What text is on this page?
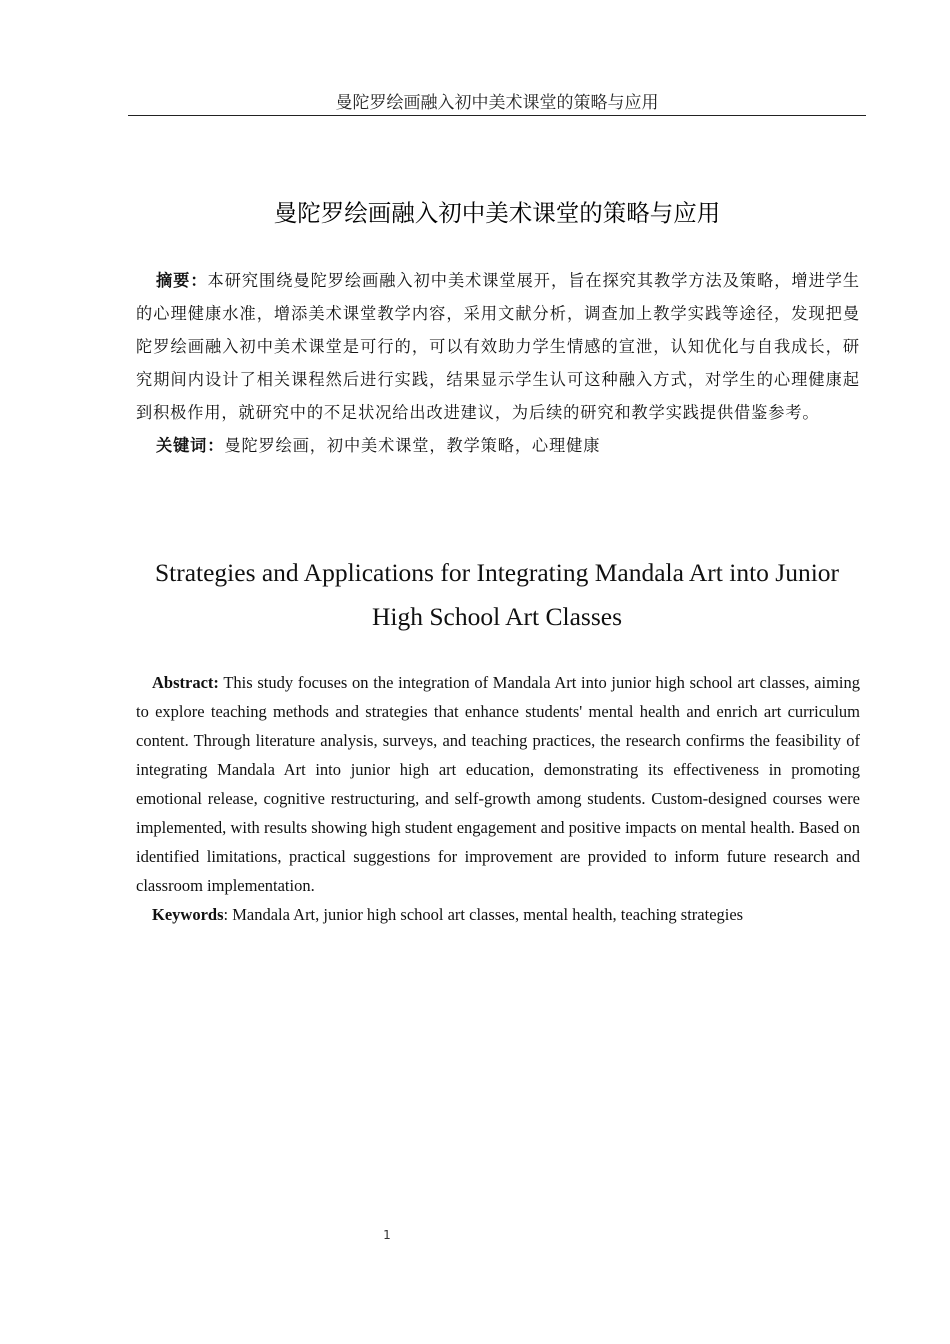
曼陀罗绘画融入初中美术课堂的策略与应用
曼陀罗绘画融入初中美术课堂的策略与应用

摘要：本研究围绕曼陀罗绘画融入初中美术课堂展开，旨在探究其教学方法及策略，增进学生的心理健康水准，增添美术课堂教学内容，采用文献分析，调查加上教学实践等途径，发现把曼陀罗绘画融入初中美术课堂是可行的，可以有效助力学生情感的宣泄，认知优化与自我成长，研究期间内设计了相关课程然后进行实践，结果显示学生认可这种融入方式，对学生的心理健康起到积极作用，就研究中的不足状况给出改进建议，为后续的研究和教学实践提供借鉴参考。

关键词：曼陀罗绘画，初中美术课堂，教学策略，心理健康

Strategies and Applications for Integrating Mandala Art into Junior
High School Art Classes

Abstract: This study focuses on the integration of Mandala Art into junior high school art classes, aiming to explore teaching methods and strategies that enhance students' mental health and enrich art curriculum content. Through literature analysis, surveys, and teaching practices, the research confirms the feasibility of integrating Mandala Art into junior high art education, demonstrating its effectiveness in promoting emotional release, cognitive restructuring, and self-growth among students. Custom-designed courses were implemented, with results showing high student engagement and positive impacts on mental health. Based on identified limitations, practical suggestions for improvement are provided to inform future research and classroom implementation.

Keywords: Mandala Art, junior high school art classes, mental health, teaching strategies

1
